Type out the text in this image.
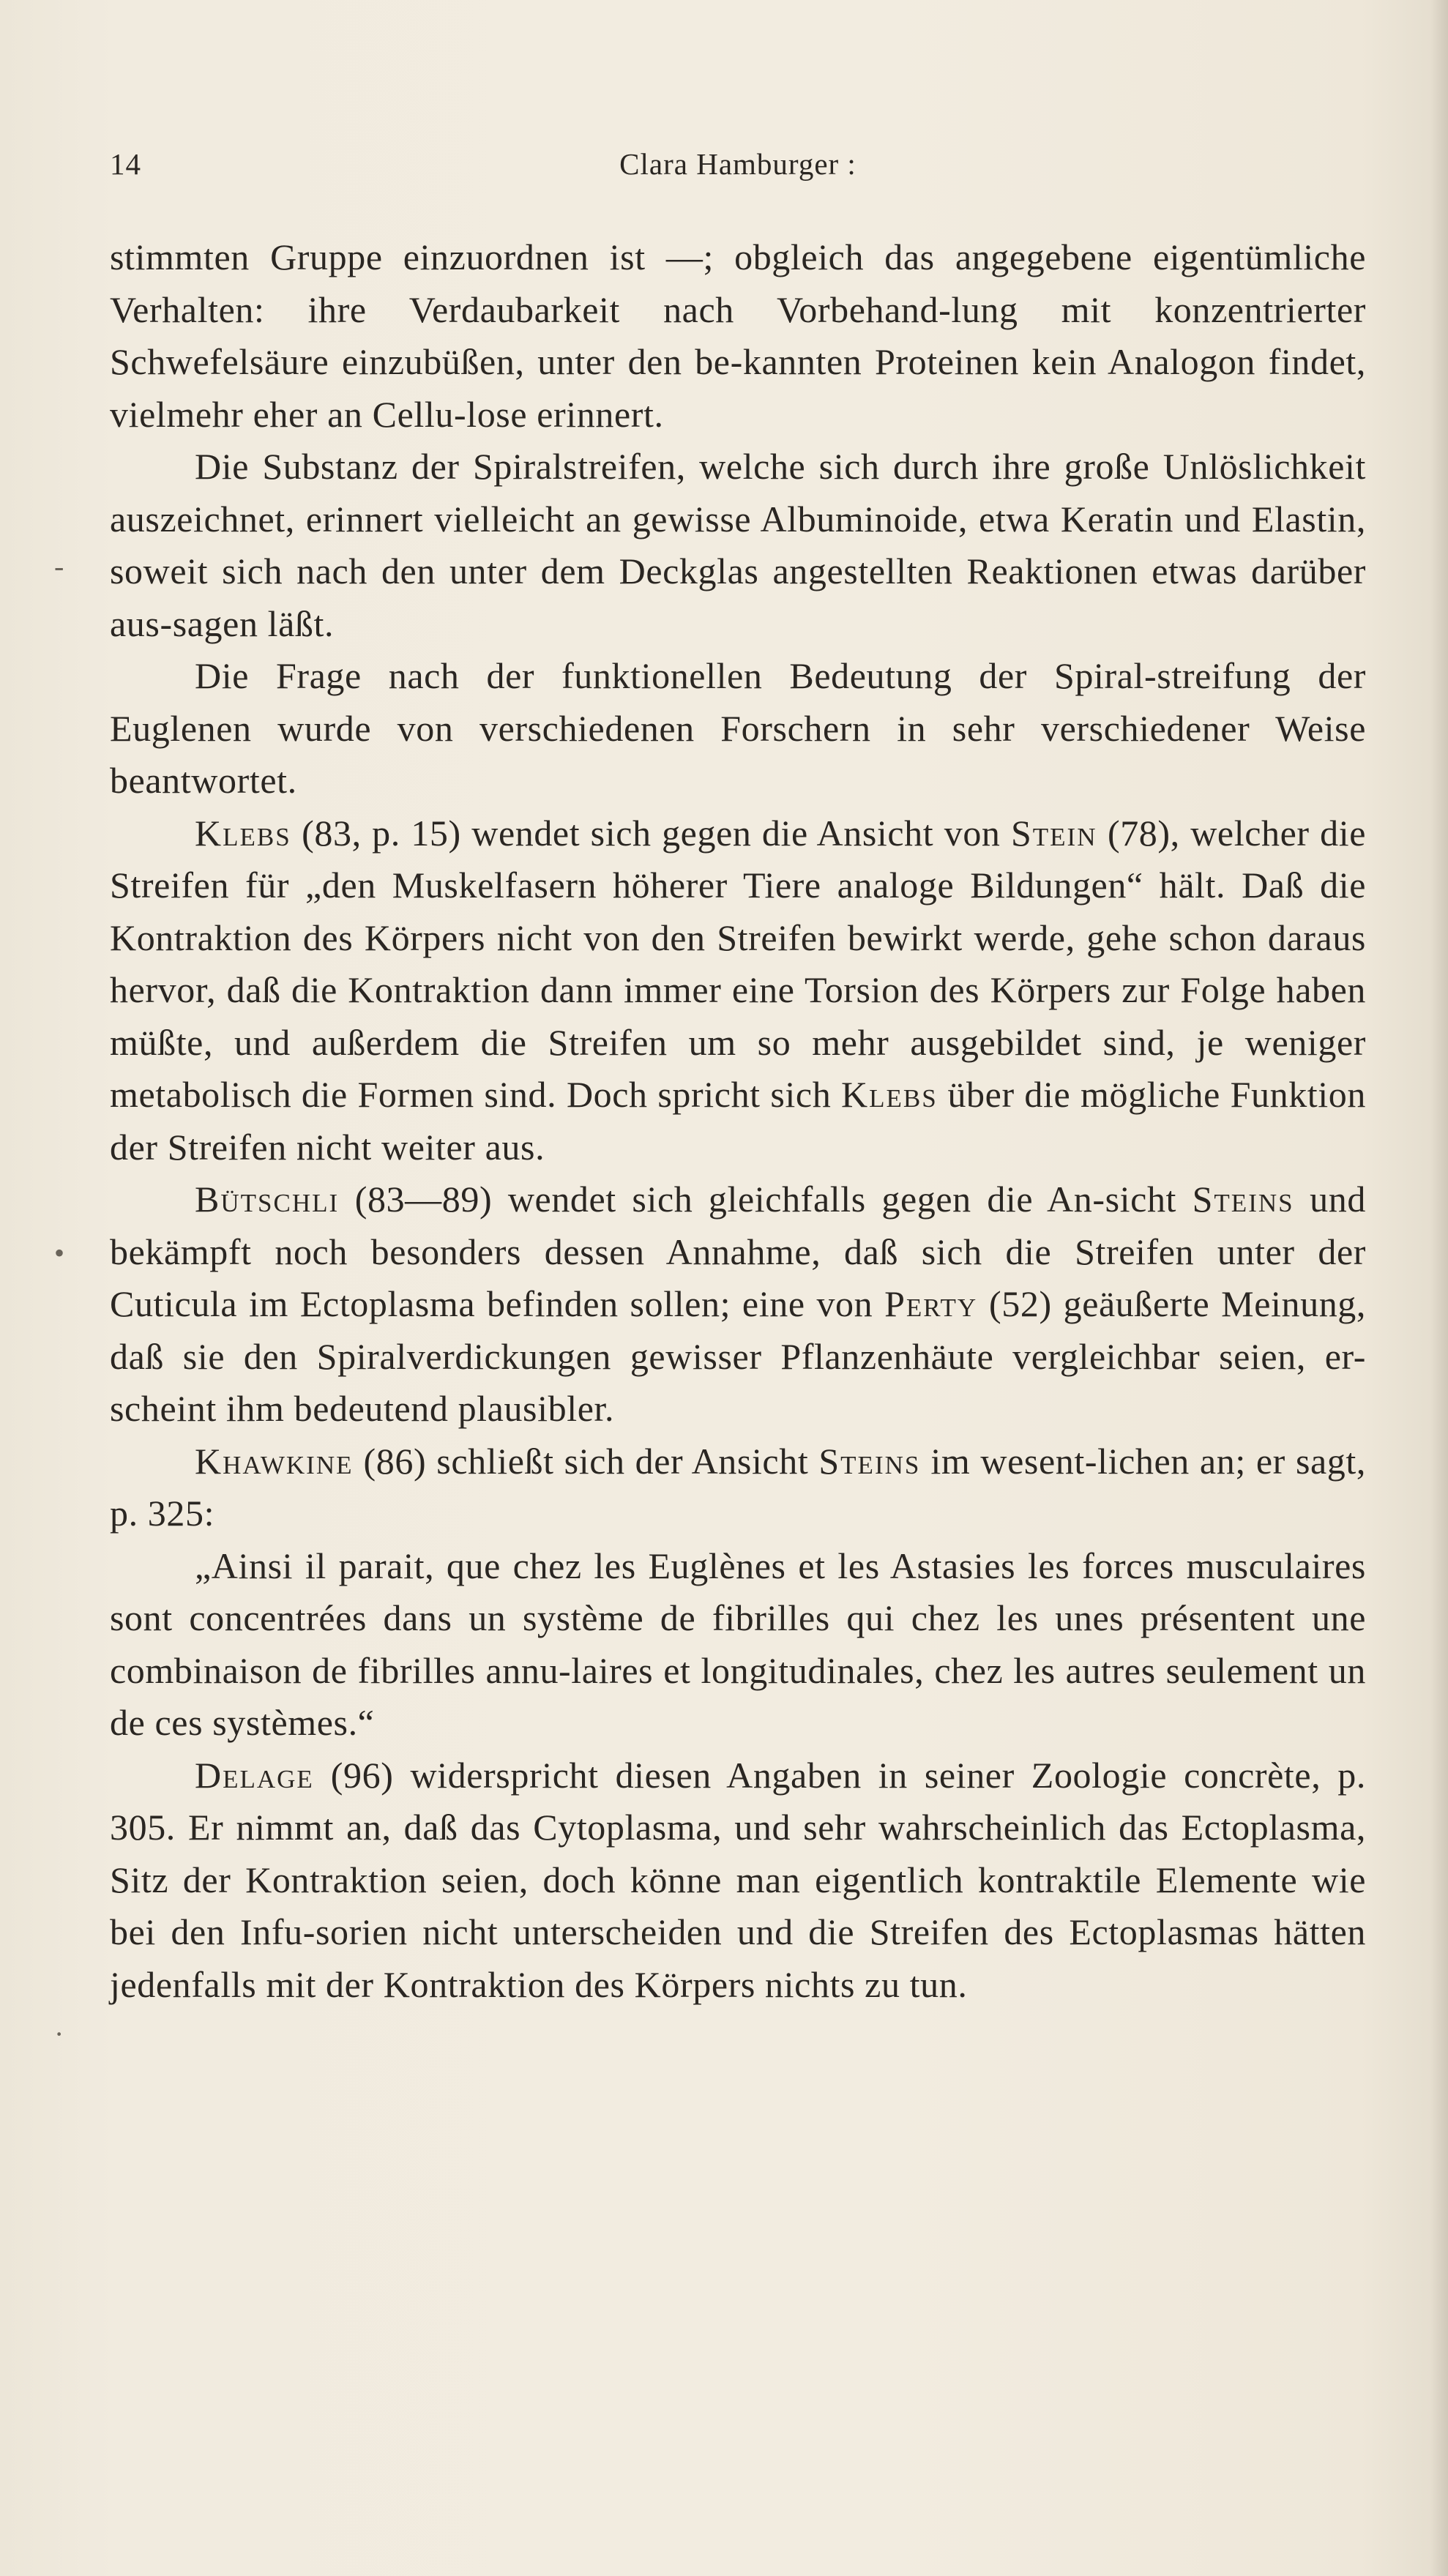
14	Clara Hamburger :
-
•
·

stimmten Gruppe einzuordnen ist —; obgleich das angegebene eigentümliche Verhalten: ihre Verdaubarkeit nach Vorbehand-lung mit konzentrierter Schwefelsäure einzubüßen, unter den be-kannten Proteinen kein Analogon findet, vielmehr eher an Cellu-lose erinnert.

Die Substanz der Spiralstreifen, welche sich durch ihre große Unlöslichkeit auszeichnet, erinnert vielleicht an gewisse Albuminoide, etwa Keratin und Elastin, soweit sich nach den unter dem Deckglas angestellten Reaktionen etwas darüber aus-sagen läßt.

Die Frage nach der funktionellen Bedeutung der Spiral-streifung der Euglenen wurde von verschiedenen Forschern in sehr verschiedener Weise beantwortet.

Klebs (83, p. 15) wendet sich gegen die Ansicht von Stein (78), welcher die Streifen für „den Muskelfasern höherer Tiere analoge Bildungen“ hält. Daß die Kontraktion des Körpers nicht von den Streifen bewirkt werde, gehe schon daraus hervor, daß die Kontraktion dann immer eine Torsion des Körpers zur Folge haben müßte, und außerdem die Streifen um so mehr ausgebildet sind, je weniger metabolisch die Formen sind. Doch spricht sich Klebs über die mögliche Funktion der Streifen nicht weiter aus.

Bütschli (83—89) wendet sich gleichfalls gegen die An-sicht Steins und bekämpft noch besonders dessen Annahme, daß sich die Streifen unter der Cuticula im Ectoplasma befinden sollen; eine von Perty (52) geäußerte Meinung, daß sie den Spiralverdickungen gewisser Pflanzenhäute vergleichbar seien, er-scheint ihm bedeutend plausibler.

Khawkine (86) schließt sich der Ansicht Steins im wesent-lichen an; er sagt, p. 325:

„Ainsi il parait, que chez les Euglènes et les Astasies les forces musculaires sont concentrées dans un système de fibrilles qui chez les unes présentent une combinaison de fibrilles annu-laires et longitudinales, chez les autres seulement un de ces systèmes.“

Delage (96) widerspricht diesen Angaben in seiner Zoologie concrète, p. 305. Er nimmt an, daß das Cytoplasma, und sehr wahrscheinlich das Ectoplasma, Sitz der Kontraktion seien, doch könne man eigentlich kontraktile Elemente wie bei den Infu-sorien nicht unterscheiden und die Streifen des Ectoplasmas hätten jedenfalls mit der Kontraktion des Körpers nichts zu tun.
